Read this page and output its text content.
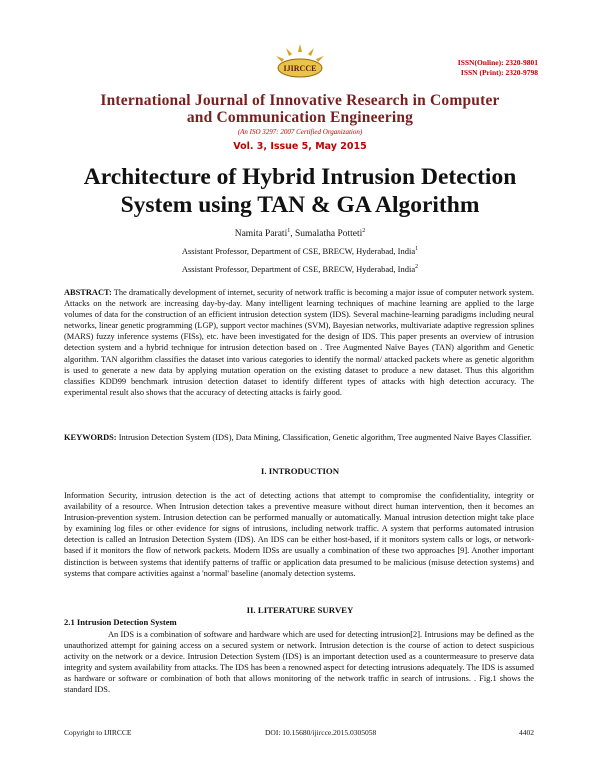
IJIRCCE
ISSN(Online): 2320-9801
ISSN (Print): 2320-9798
International Journal of Innovative Research in Computer
and Communication Engineering
(An ISO 3297: 2007 Certified Organization)
Vol. 3, Issue 5, May 2015
Architecture of Hybrid Intrusion Detection
System using TAN & GA Algorithm
Namita Parati$^1$, Sumalatha Potteti$^2$
Assistant Professor, Department of CSE, BRECW, Hyderabad, India$^1$
Assistant Professor, Department of CSE, BRECW, Hyderabad, India$^2$
ABSTRACT: The dramatically development of internet, security of network traffic is becoming a major issue of computer network system. Attacks on the network are increasing day-by-day. Many intelligent learning techniques of machine learning are applied to the large volumes of data for the construction of an efficient intrusion detection system (IDS). Several machine-learning paradigms including neural networks, linear genetic programming (LGP), support vector machines (SVM), Bayesian networks, multivariate adaptive regression splines (MARS) fuzzy inference systems (FISs), etc. have been investigated for the design of IDS. This paper presents an overview of intrusion detection system and a hybrid technique for intrusion detection based on . Tree Augmented Naïve Bayes (TAN) algorithm and Genetic algorithm. TAN algorithm classifies the dataset into various categories to identify the normal/ attacked packets where as genetic algorithm is used to generate a new data by applying mutation operation on the existing dataset to produce a new dataset. Thus this algorithm classifies KDD99 benchmark intrusion detection dataset to identify different types of attacks with high detection accuracy. The experimental result also shows that the accuracy of detecting attacks is fairly good.
KEYWORDS: Intrusion Detection System (IDS), Data Mining, Classification, Genetic algorithm, Tree augmented Naive Bayes Classifier.
I. INTRODUCTION
Information Security, intrusion detection is the act of detecting actions that attempt to compromise the confidentiality, integrity or availability of a resource. When Intrusion detection takes a preventive measure without direct human intervention, then it becomes an Intrusion-prevention system. Intrusion detection can be performed manually or automatically. Manual intrusion detection might take place by examining log files or other evidence for signs of intrusions, including network traffic. A system that performs automated intrusion detection is called an Intrusion Detection System (IDS). An IDS can be either host-based, if it monitors system calls or logs, or network-based if it monitors the flow of network packets. Modern IDSs are usually a combination of these two approaches [9]. Another important distinction is between systems that identify patterns of traffic or application data presumed to be malicious (misuse detection systems) and systems that compare activities against a 'normal' baseline (anomaly detection systems.
II. LITERATURE SURVEY
2.1 Intrusion Detection System
An IDS is a combination of software and hardware which are used for detecting intrusion[2]. Intrusions may be defined as the unauthorized attempt for gaining access on a secured system or network. Intrusion detection is the course of action to detect suspicious activity on the network or a device. Intrusion Detection System (IDS) is an important detection used as a countermeasure to preserve data integrity and system availability from attacks. The IDS has been a renowned aspect for detecting intrusions adequately. The IDS is assumed as hardware or software or combination of both that allows monitoring of the network traffic in search of intrusions. . Fig.1 shows the standard IDS.
Copyright to IJIRCCE	DOI: 10.15680/ijircce.2015.0305058	4402
